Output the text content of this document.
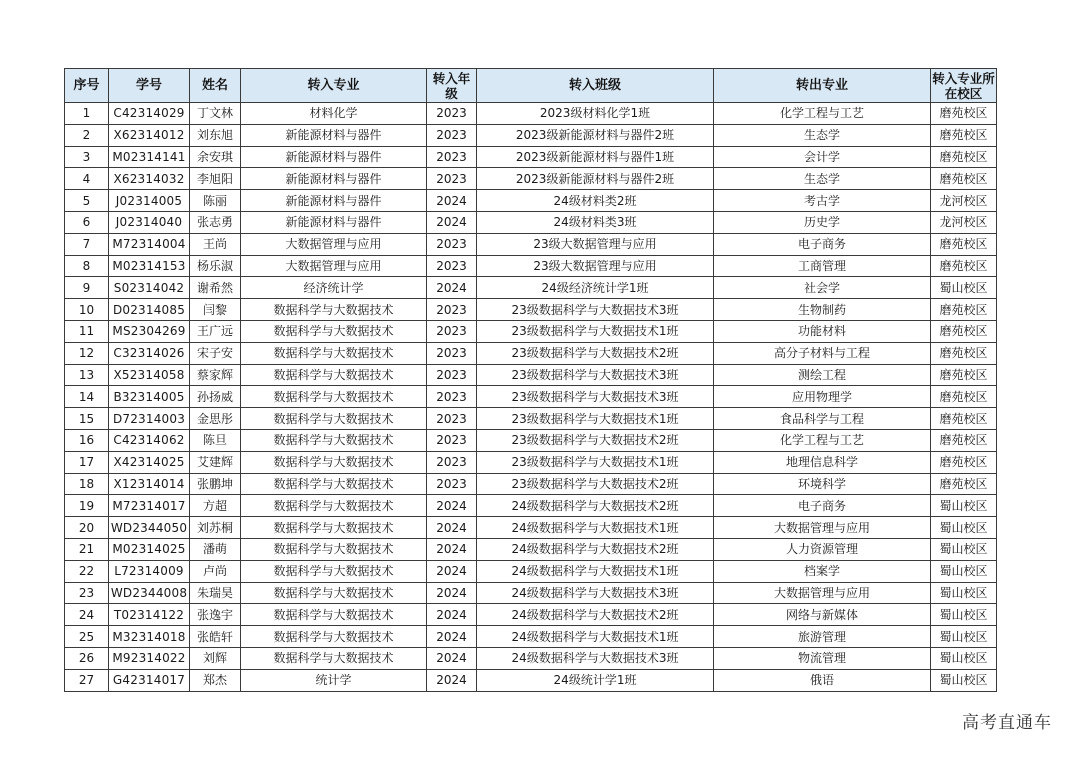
序号	学号	姓名	转入专业	转入年级	转入班级	转出专业	转入专业所在校区
1	C42314029	丁文林	材料化学	2023	2023级材料化学1班	化学工程与工艺	磨苑校区
2	X62314012	刘东旭	新能源材料与器件	2023	2023级新能源材料与器件2班	生态学	磨苑校区
3	M02314141	余安琪	新能源材料与器件	2023	2023级新能源材料与器件1班	会计学	磨苑校区
4	X62314032	李旭阳	新能源材料与器件	2023	2023级新能源材料与器件2班	生态学	磨苑校区
5	J02314005	陈丽	新能源材料与器件	2024	24级材料类2班	考古学	龙河校区
6	J02314040	张志勇	新能源材料与器件	2024	24级材料类3班	历史学	龙河校区
7	M72314004	王尚	大数据管理与应用	2023	23级大数据管理与应用	电子商务	磨苑校区
8	M02314153	杨乐淑	大数据管理与应用	2023	23级大数据管理与应用	工商管理	磨苑校区
9	S02314042	谢希然	经济统计学	2024	24级经济统计学1班	社会学	蜀山校区
10	D02314085	闫黎	数据科学与大数据技术	2023	23级数据科学与大数据技术3班	生物制药	磨苑校区
11	MS2304269	王广远	数据科学与大数据技术	2023	23级数据科学与大数据技术1班	功能材料	磨苑校区
12	C32314026	宋子安	数据科学与大数据技术	2023	23级数据科学与大数据技术2班	高分子材料与工程	磨苑校区
13	X52314058	蔡家辉	数据科学与大数据技术	2023	23级数据科学与大数据技术3班	测绘工程	磨苑校区
14	B32314005	孙扬威	数据科学与大数据技术	2023	23级数据科学与大数据技术3班	应用物理学	磨苑校区
15	D72314003	金思彤	数据科学与大数据技术	2023	23级数据科学与大数据技术1班	食品科学与工程	磨苑校区
16	C42314062	陈旦	数据科学与大数据技术	2023	23级数据科学与大数据技术2班	化学工程与工艺	磨苑校区
17	X42314025	艾建辉	数据科学与大数据技术	2023	23级数据科学与大数据技术1班	地理信息科学	磨苑校区
18	X12314014	张鹏坤	数据科学与大数据技术	2023	23级数据科学与大数据技术2班	环境科学	磨苑校区
19	M72314017	方超	数据科学与大数据技术	2024	24级数据科学与大数据技术2班	电子商务	蜀山校区
20	WD2344050	刘苏桐	数据科学与大数据技术	2024	24级数据科学与大数据技术1班	大数据管理与应用	蜀山校区
21	M02314025	潘萌	数据科学与大数据技术	2024	24级数据科学与大数据技术2班	人力资源管理	蜀山校区
22	L72314009	卢尚	数据科学与大数据技术	2024	24级数据科学与大数据技术1班	档案学	蜀山校区
23	WD2344008	朱瑞昊	数据科学与大数据技术	2024	24级数据科学与大数据技术3班	大数据管理与应用	蜀山校区
24	T02314122	张逸宇	数据科学与大数据技术	2024	24级数据科学与大数据技术2班	网络与新媒体	蜀山校区
25	M32314018	张皓轩	数据科学与大数据技术	2024	24级数据科学与大数据技术1班	旅游管理	蜀山校区
26	M92314022	刘辉	数据科学与大数据技术	2024	24级数据科学与大数据技术3班	物流管理	蜀山校区
27	G42314017	郑杰	统计学	2024	24级统计学1班	俄语	蜀山校区
高考直通车
